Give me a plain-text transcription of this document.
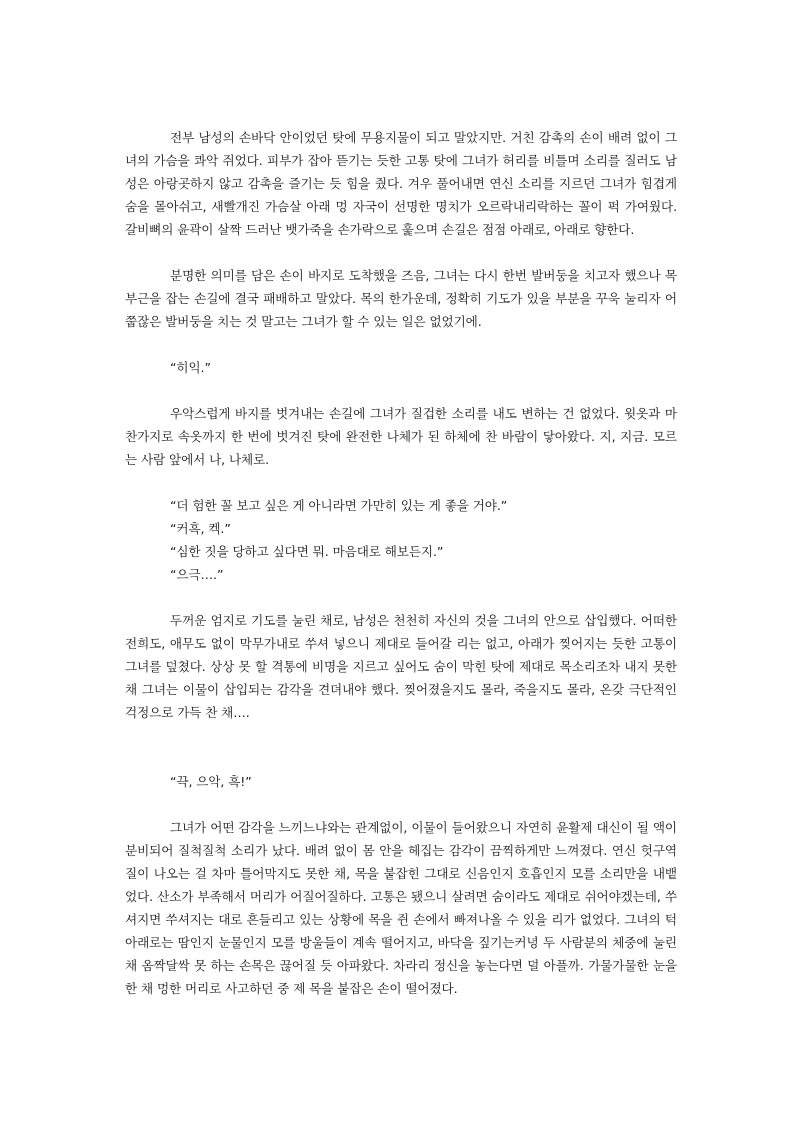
전부 남성의 손바닥 안이었던 탓에 무용지물이 되고 말았지만. 거친 감촉의 손이 배려 없이 그녀의 가슴을 콰악 쥐었다. 피부가 잡아 뜯기는 듯한 고통 탓에 그녀가 허리를 비틀며 소리를 질러도 남성은 아랑곳하지 않고 감촉을 즐기는 듯 힘을 줬다. 겨우 풀어내면 연신 소리를 지르던 그녀가 힘겹게 숨을 몰아쉬고, 새빨개진 가슴살 아래 멍 자국이 선명한 명치가 오르락내리락하는 꼴이 퍽 가여웠다. 갈비뼈의 윤곽이 살짝 드러난 뱃가죽을 손가락으로 훑으며 손길은 점점 아래로, 아래로 향한다.

분명한 의미를 담은 손이 바지로 도착했을 즈음, 그녀는 다시 한번 발버둥을 치고자 했으나 목 부근을 잡는 손길에 결국 패배하고 말았다. 목의 한가운데, 정확히 기도가 있을 부분을 꾸욱 눌리자 어쭙잖은 발버둥을 치는 것 말고는 그녀가 할 수 있는 일은 없었기에.

“히익.”

우악스럽게 바지를 벗겨내는 손길에 그녀가 질겁한 소리를 내도 변하는 건 없었다. 윗옷과 마찬가지로 속옷까지 한 번에 벗겨진 탓에 완전한 나체가 된 하체에 찬 바람이 닿아왔다. 지, 지금. 모르는 사람 앞에서 나, 나체로.

“더 험한 꼴 보고 싶은 게 아니라면 가만히 있는 게 좋을 거야.”
“커흑, 켁.”
“심한 짓을 당하고 싶다면 뭐. 마음대로 해보든지.”
“으극….”

두꺼운 엄지로 기도를 눌린 채로, 남성은 천천히 자신의 것을 그녀의 안으로 삽입했다. 어떠한 전희도, 애무도 없이 막무가내로 쑤셔 넣으니 제대로 들어갈 리는 없고, 아래가 찢어지는 듯한 고통이 그녀를 덮쳤다. 상상 못 할 격통에 비명을 지르고 싶어도 숨이 막힌 탓에 제대로 목소리조차 내지 못한 채 그녀는 이물이 삽입되는 감각을 견뎌내야 했다. 찢어졌을지도 몰라, 죽을지도 몰라, 온갖 극단적인 걱정으로 가득 찬 채….

“끅, 으악, 흑!”

그녀가 어떤 감각을 느끼느냐와는 관계없이, 이물이 들어왔으니 자연히 윤활제 대신이 될 액이 분비되어 질척질척 소리가 났다. 배려 없이 몸 안을 헤집는 감각이 끔찍하게만 느껴졌다. 연신 헛구역질이 나오는 걸 차마 틀어막지도 못한 채, 목을 붙잡힌 그대로 신음인지 호흡인지 모를 소리만을 내뱉었다. 산소가 부족해서 머리가 어질어질하다. 고통은 됐으니 살려면 숨이라도 제대로 쉬어야겠는데, 쑤셔지면 쑤셔지는 대로 흔들리고 있는 상황에 목을 쥔 손에서 빠져나올 수 있을 리가 없었다. 그녀의 턱 아래로는 땀인지 눈물인지 모를 방울들이 계속 떨어지고, 바닥을 짚기는커녕 두 사람분의 체중에 눌린 채 옴짝달싹 못 하는 손목은 끊어질 듯 아파왔다. 차라리 정신을 놓는다면 덜 아플까. 가물가물한 눈을 한 채 멍한 머리로 사고하던 중 제 목을 붙잡은 손이 떨어졌다.
